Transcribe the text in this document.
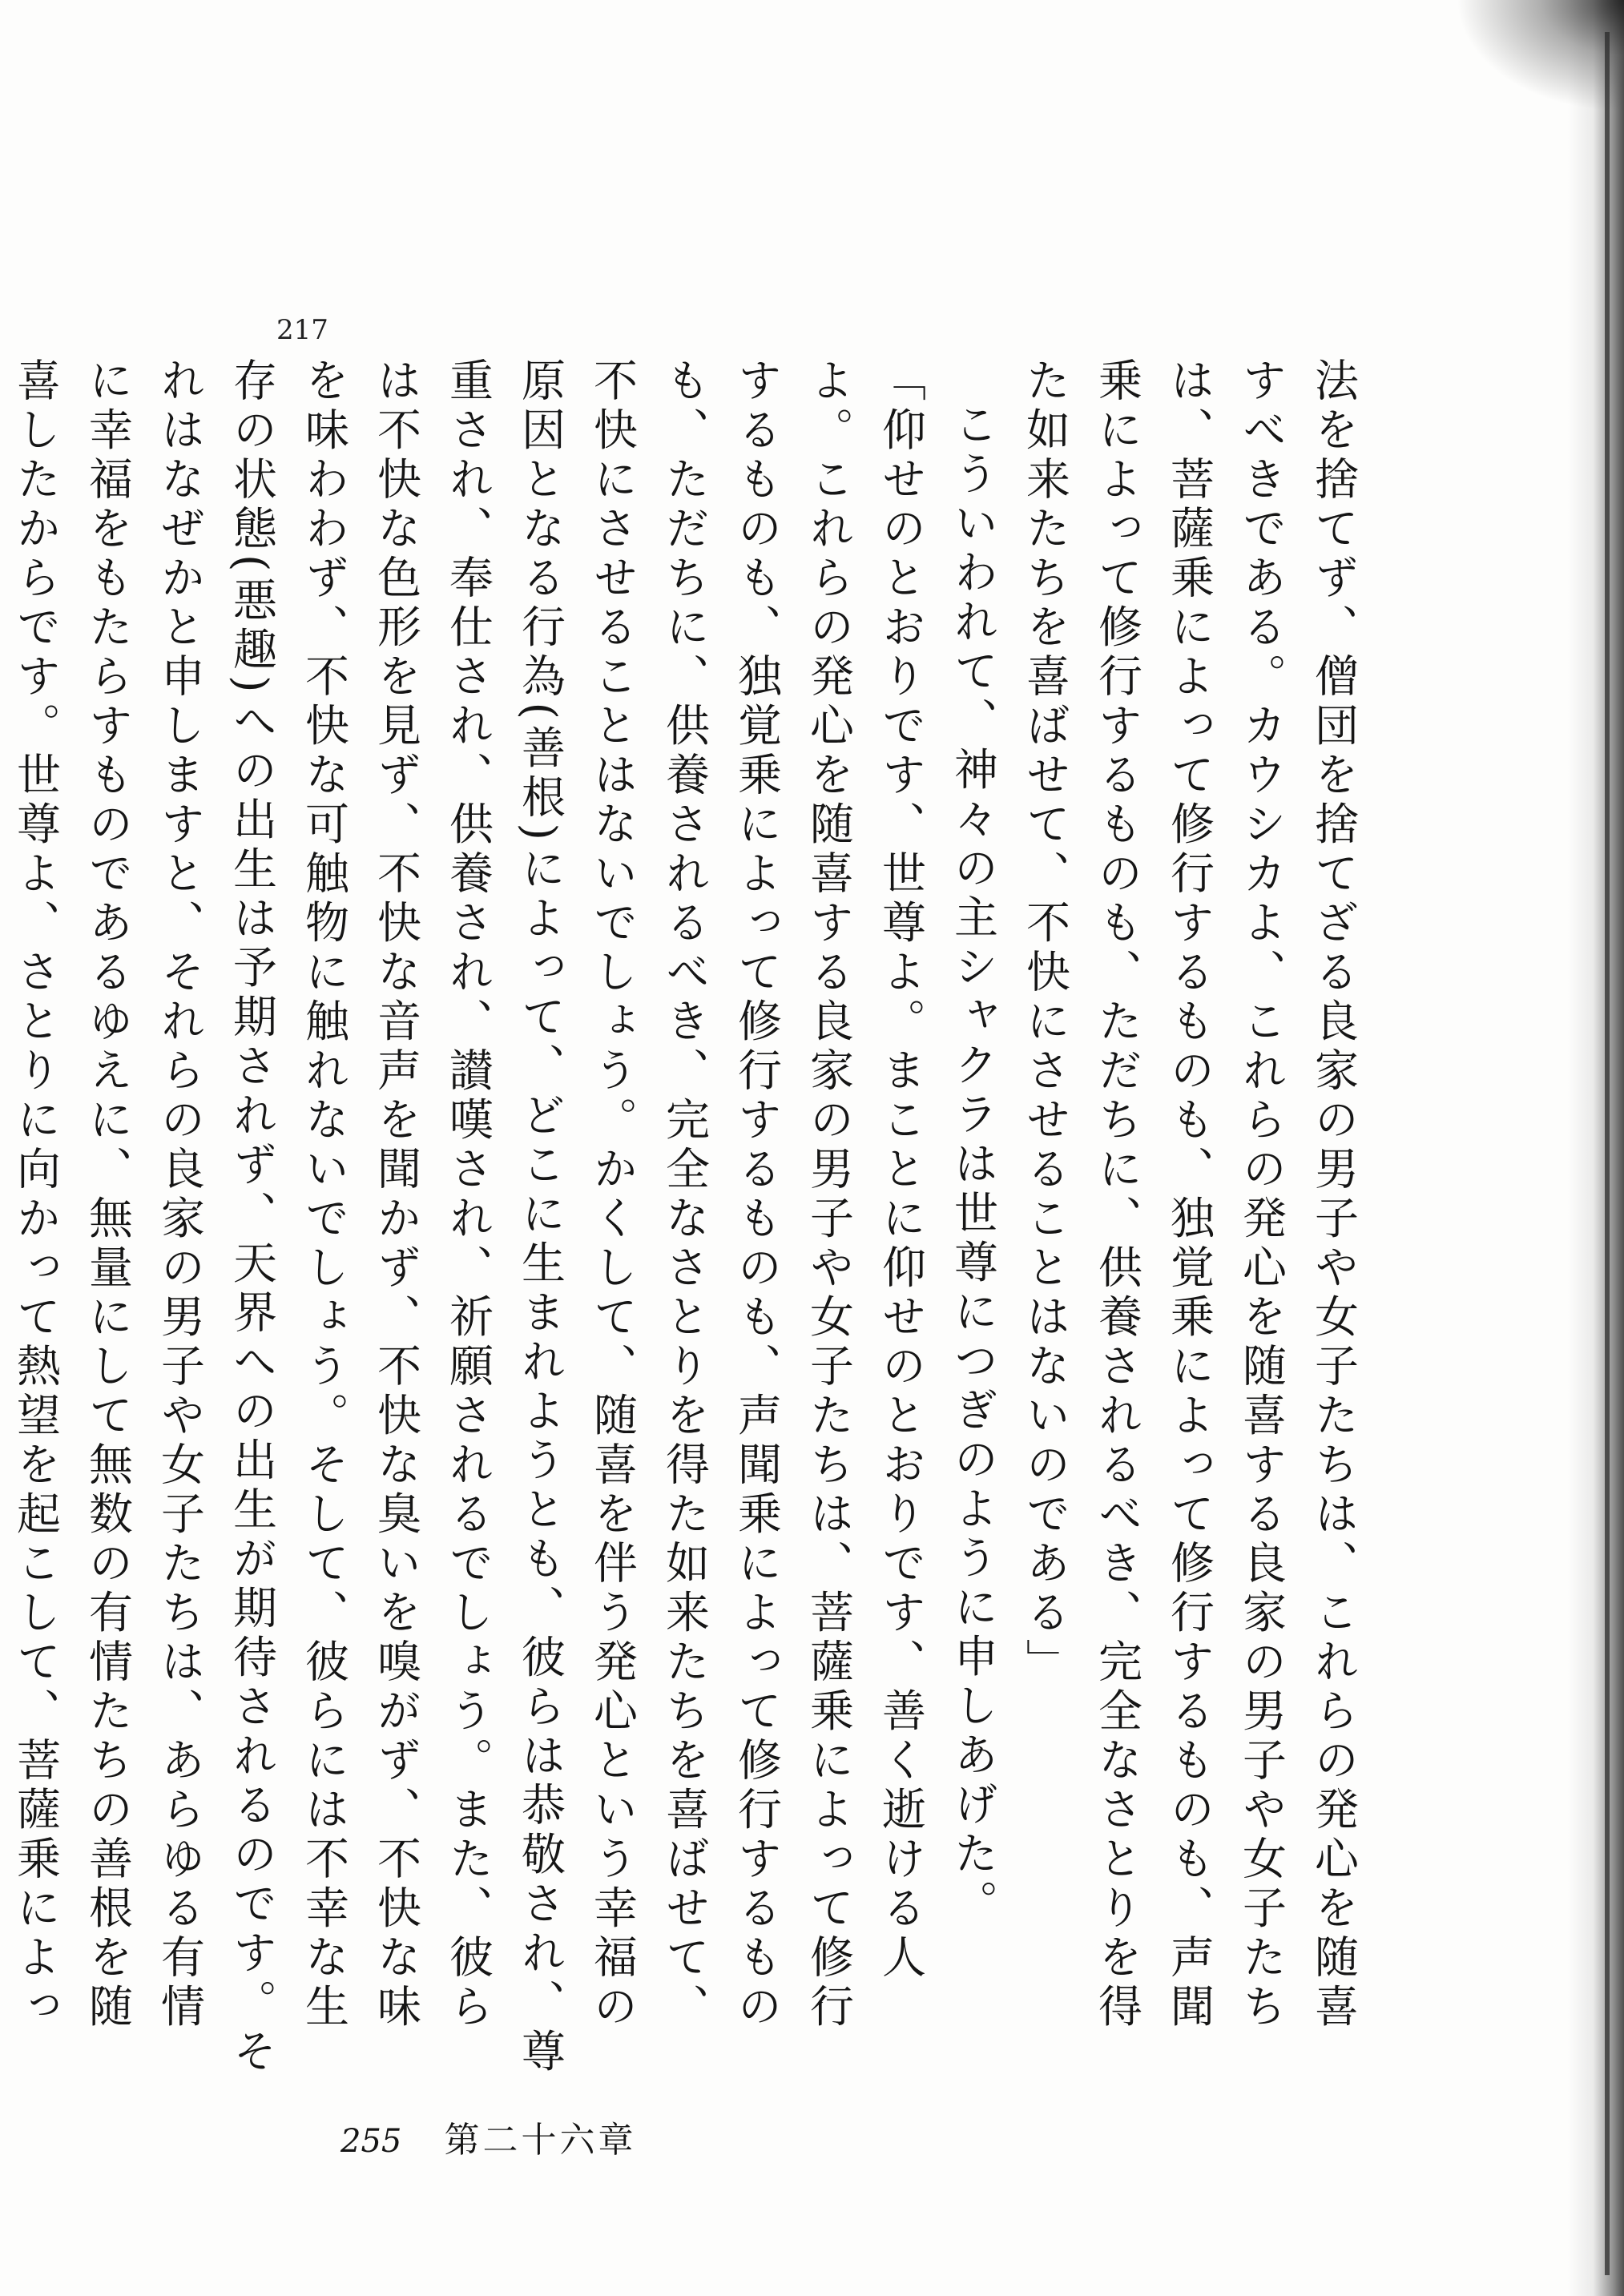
217

法を捨てず、僧団を捨てざる良家の男子や女子たちは、これらの発心を随喜すべきである。カウシカよ、これらの発心を随喜する良家の男子や女子たちは、菩薩乗によって修行するものも、独覚乗によって修行するものも、声聞乗によって修行するものも、ただちに、供養されるべき、完全なさとりを得た如来たちを喜ばせて、不快にさせることはないのである」

こういわれて、神々の主シャクラは世尊につぎのように申しあげた。

「仰せのとおりです、世尊よ。まことに仰せのとおりです、善く逝ける人よ。これらの発心を随喜する良家の男子や女子たちは、菩薩乗によって修行するものも、独覚乗によって修行するものも、声聞乗によって修行するものも、ただちに、供養されるべき、完全なさとりを得た如来たちを喜ばせて、不快にさせることはないでしょう。かくして、随喜を伴う発心という幸福の原因となる行為(善根)によって、どこに生まれようとも、彼らは恭敬され、尊重され、奉仕され、供養され、讃嘆され、祈願されるでしょう。また、彼らは不快な色形を見ず、不快な音声を聞かず、不快な臭いを嗅がず、不快な味を味わわず、不快な可触物に触れないでしょう。そして、彼らには不幸な生存の状態(悪趣)への出生は予期されず、天界への出生が期待されるのです。それはなぜかと申しますと、それらの良家の男子や女子たちは、あらゆる有情に幸福をもたらすものであるゆえに、無量にして無数の有情たちの善根を随喜したからです。世尊よ、さとりに向かって熱望を起こして、菩薩乗によっ

255 第二十六章
